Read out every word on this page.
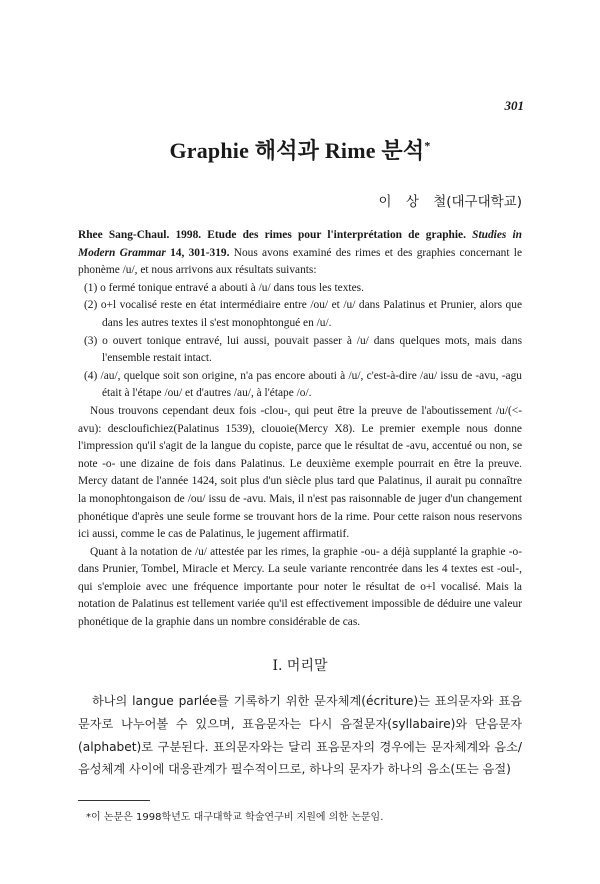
301
Graphie 해석과 Rime 분석*
이 상 철(대구대학교)

Rhee Sang-Chaul. 1998. Etude des rimes pour l'interprétation de graphie. Studies in Modern Grammar 14, 301-319. Nous avons examiné des rimes et des graphies concernant le phonème /u/, et nous arrivons aux résultats suivants:

(1) o fermé tonique entravé a abouti à /u/ dans tous les textes.

(2) o+l vocalisé reste en état intermédiaire entre /ou/ et /u/ dans Palatinus et Prunier, alors que dans les autres textes il s'est monophtongué en /u/.

(3) o ouvert tonique entravé, lui aussi, pouvait passer à /u/ dans quelques mots, mais dans l'ensemble restait intact.

(4) /au/, quelque soit son origine, n'a pas encore abouti à /u/, c'est-à-dire /au/ issu de -avu, -agu était à l'étape /ou/ et d'autres /au/, à l'étape /o/.

Nous trouvons cependant deux fois -clou-, qui peut être la preuve de l'aboutissement /u/(<-avu): descloufichiez(Palatinus 1539), clouoie(Mercy X8). Le premier exemple nous donne l'impression qu'il s'agit de la langue du copiste, parce que le résultat de -avu, accentué ou non, se note -o- une dizaine de fois dans Palatinus. Le deuxième exemple pourrait en être la preuve. Mercy datant de l'année 1424, soit plus d'un siècle plus tard que Palatinus, il aurait pu connaître la monophtongaison de /ou/ issu de -avu. Mais, il n'est pas raisonnable de juger d'un changement phonétique d'après une seule forme se trouvant hors de la rime. Pour cette raison nous reservons ici aussi, comme le cas de Palatinus, le jugement affirmatif.

Quant à la notation de /u/ attestée par les rimes, la graphie -ou- a déjà supplanté la graphie -o- dans Prunier, Tombel, Miracle et Mercy. La seule variante rencontrée dans les 4 textes est -oul-, qui s'emploie avec une fréquence importante pour noter le résultat de o+l vocalisé. Mais la notation de Palatinus est tellement variée qu'il est effectivement impossible de déduire une valeur phonétique de la graphie dans un nombre considérable de cas.

I. 머리말

하나의 langue parlée를 기록하기 위한 문자체계(écriture)는 표의문자와 표음문자로 나누어볼 수 있으며, 표음문자는 다시 음절문자(syllabaire)와 단음문자(alphabet)로 구분된다. 표의문자와는 달리 표음문자의 경우에는 문자체계와 음소/음성체계 사이에 대응관계가 필수적이므로, 하나의 문자가 하나의 음소(또는 음절)

*이 논문은 1998학년도 대구대학교 학술연구비 지원에 의한 논문임.
